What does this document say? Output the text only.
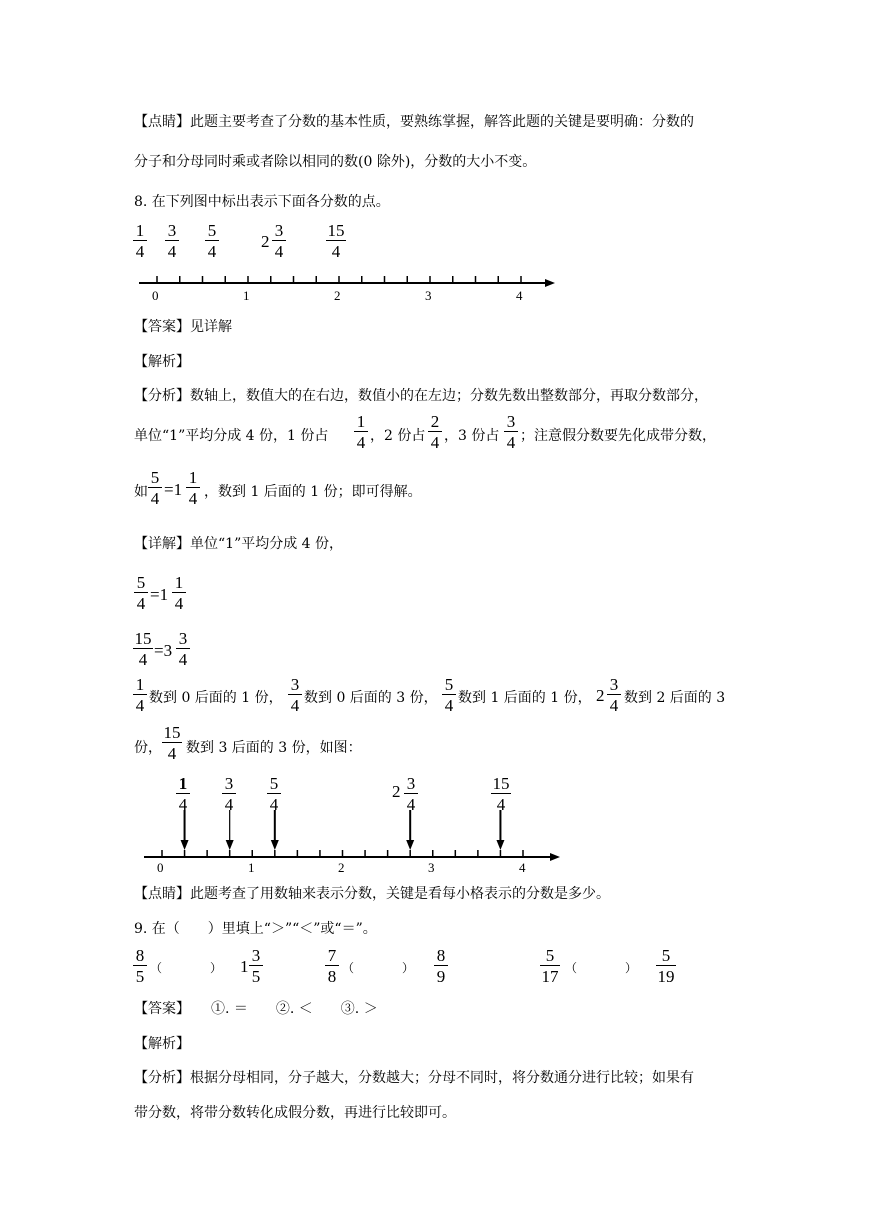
【点睛】此题主要考查了分数的基本性质，要熟练掌握，解答此题的关键是要明确：分数的
分子和分母同时乘或者除以相同的数(0 除外)，分数的大小不变。
8. 在下列图中标出表示下面各分数的点。
1
4
3
4
5
4
2
3
4
15
4
0	1	2	3	4
【答案】见详解
【解析】
【分析】数轴上，数值大的在右边，数值小的在左边；分数先数出整数部分，再取分数部分，
单位“1”平均分成 4 份，1 份占
1
4 ，2 份占
2
4 ，3 份占
3
4 ；注意假分数要先化成带分数，
如
5
4 =1
1
4 ，数到 1 后面的 1 份；即可得解。
【详解】单位“1”平均分成 4 份，
5
4 =1
1
4
15
4 =3
3
4
1
4 数到 0 后面的 1 份，
3
4 数到 0 后面的 3 份，
5
4 数到 1 后面的 1 份， 2
3
4 数到 2 后面的 3
份，
15
4 数到 3 后面的 3 份，如图：
1
4
3
4
5
4
2 3
4
15
4
0	1	2	3	4
【点睛】此题考查了用数轴来表示分数，关键是看每小格表示的分数是多少。
9. 在（　　）里填上“＞”“＜”或“＝”。
8
5 （　　　　） 1
3
5
7
8 （　　　　）
8
9
5
17 （　　　　）
5
19
【答案】　　①. ＝　　②. ＜　　③. ＞
【解析】
【分析】根据分母相同，分子越大，分数越大；分母不同时，将分数通分进行比较；如果有
带分数，将带分数转化成假分数，再进行比较即可。
